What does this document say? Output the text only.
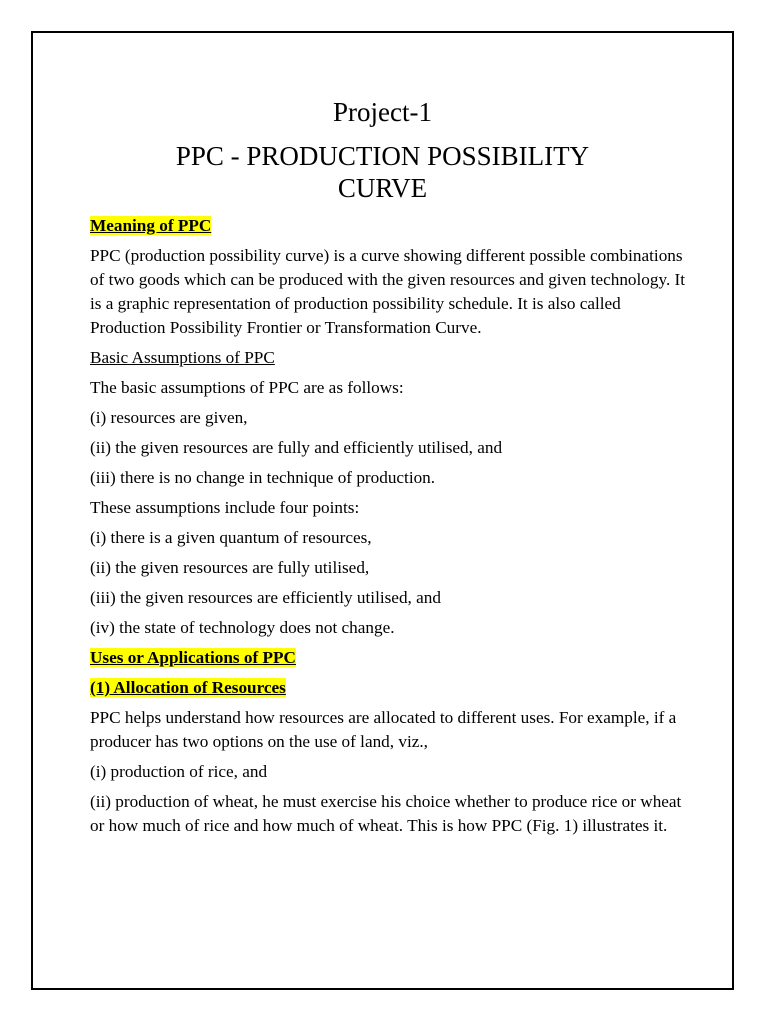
Project-1
PPC - PRODUCTION POSSIBILITY
CURVE

Meaning of PPC

PPC (production possibility curve) is a curve showing different possible combinations of two goods which can be produced with the given resources and given technology. It is a graphic representation of production possibility schedule. It is also called Production Possibility Frontier or Transformation Curve.

Basic Assumptions of PPC

The basic assumptions of PPC are as follows:

(i) resources are given,

(ii) the given resources are fully and efficiently utilised, and

(iii) there is no change in technique of production.

These assumptions include four points:

(i) there is a given quantum of resources,

(ii) the given resources are fully utilised,

(iii) the given resources are efficiently utilised, and

(iv) the state of technology does not change.

Uses or Applications of PPC

(1) Allocation of Resources

PPC helps understand how resources are allocated to different uses. For example, if a producer has two options on the use of land, viz.,

(i) production of rice, and

(ii) production of wheat, he must exercise his choice whether to produce rice or wheat or how much of rice and how much of wheat. This is how PPC (Fig. 1) illustrates it.
